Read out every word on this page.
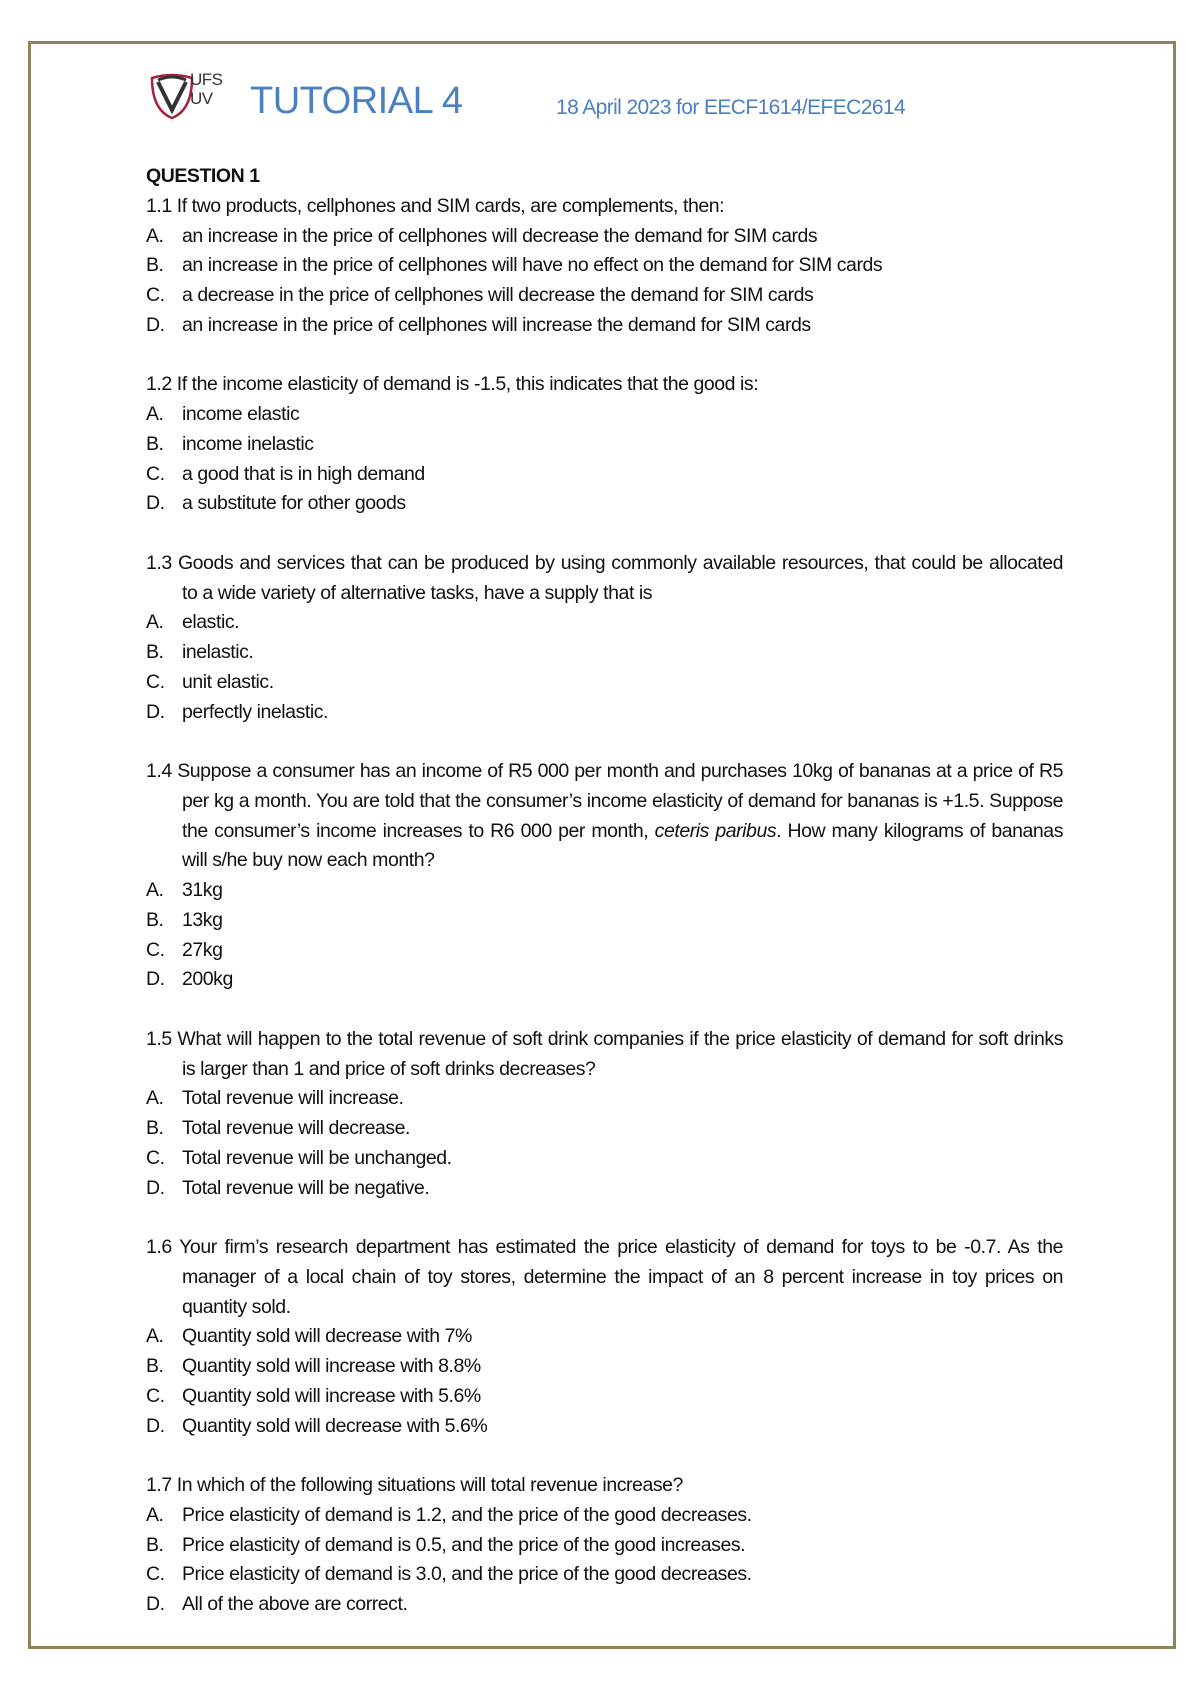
UFS
UV TUTORIAL 4	18 April 2023 for EECF1614/EFEC2614
QUESTION 1
1.1 If two products, cellphones and SIM cards, are complements, then:
A. an increase in the price of cellphones will decrease the demand for SIM cards
B. an increase in the price of cellphones will have no effect on the demand for SIM cards
C. a decrease in the price of cellphones will decrease the demand for SIM cards
D. an increase in the price of cellphones will increase the demand for SIM cards
1.2 If the income elasticity of demand is -1.5, this indicates that the good is:
A. income elastic
B. income inelastic
C. a good that is in high demand
D. a substitute for other goods
1.3 Goods and services that can be produced by using commonly available resources, that could be allocated to a wide variety of alternative tasks, have a supply that is
A. elastic.
B. inelastic.
C. unit elastic.
D. perfectly inelastic.
1.4 Suppose a consumer has an income of R5 000 per month and purchases 10kg of bananas at a price of R5 per kg a month. You are told that the consumer’s income elasticity of demand for bananas is +1.5. Suppose the consumer’s income increases to R6 000 per month, ceteris paribus. How many kilograms of bananas will s/he buy now each month?
A. 31kg
B. 13kg
C. 27kg
D. 200kg
1.5 What will happen to the total revenue of soft drink companies if the price elasticity of demand for soft drinks is larger than 1 and price of soft drinks decreases?
A. Total revenue will increase.
B. Total revenue will decrease.
C. Total revenue will be unchanged.
D. Total revenue will be negative.
1.6 Your firm’s research department has estimated the price elasticity of demand for toys to be -0.7. As the manager of a local chain of toy stores, determine the impact of an 8 percent increase in toy prices on quantity sold.
A. Quantity sold will decrease with 7%
B. Quantity sold will increase with 8.8%
C. Quantity sold will increase with 5.6%
D. Quantity sold will decrease with 5.6%
1.7 In which of the following situations will total revenue increase?
A. Price elasticity of demand is 1.2, and the price of the good decreases.
B. Price elasticity of demand is 0.5, and the price of the good increases.
C. Price elasticity of demand is 3.0, and the price of the good decreases.
D. All of the above are correct.
